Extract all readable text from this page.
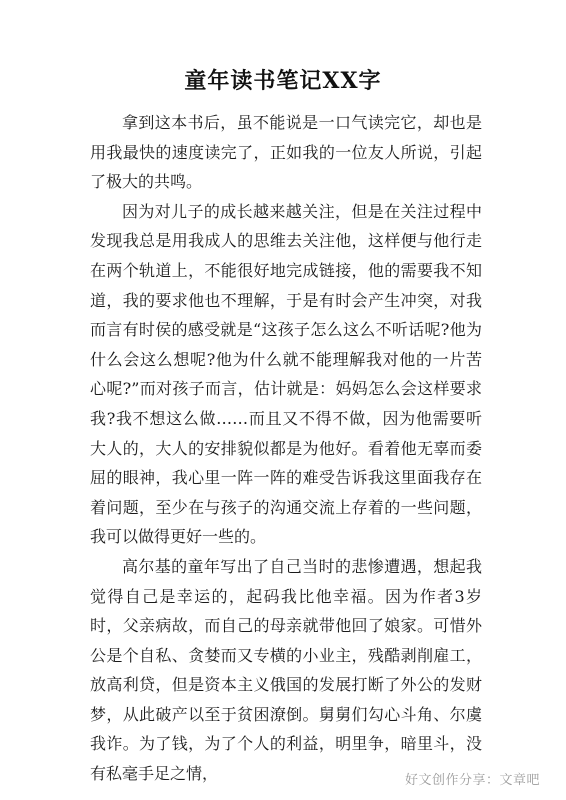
童年读书笔记XX字

拿到这本书后，虽不能说是一口气读完它，却也是用我最快的速度读完了，正如我的一位友人所说，引起了极大的共鸣。

因为对儿子的成长越来越关注，但是在关注过程中发现我总是用我成人的思维去关注他，这样便与他行走在两个轨道上，不能很好地完成链接，他的需要我不知道，我的要求他也不理解，于是有时会产生冲突，对我而言有时侯的感受就是“这孩子怎么这么不听话呢?他为什么会这么想呢?他为什么就不能理解我对他的一片苦心呢?”而对孩子而言，估计就是：妈妈怎么会这样要求我?我不想这么做……而且又不得不做，因为他需要听大人的，大人的安排貌似都是为他好。看着他无辜而委屈的眼神，我心里一阵一阵的难受告诉我这里面我存在着问题，至少在与孩子的沟通交流上存着的一些问题，我可以做得更好一些的。

高尔基的童年写出了自己当时的悲惨遭遇，想起我觉得自己是幸运的，起码我比他幸福。因为作者3岁时，父亲病故，而自己的母亲就带他回了娘家。可惜外公是个自私、贪婪而又专横的小业主，残酷剥削雇工，放高利贷，但是资本主义俄国的发展打断了外公的发财梦，从此破产以至于贫困潦倒。舅舅们勾心斗角、尔虞我诈。为了钱，为了个人的利益，明里争，暗里斗，没有私毫手足之情，	好文创作分享：文章吧
